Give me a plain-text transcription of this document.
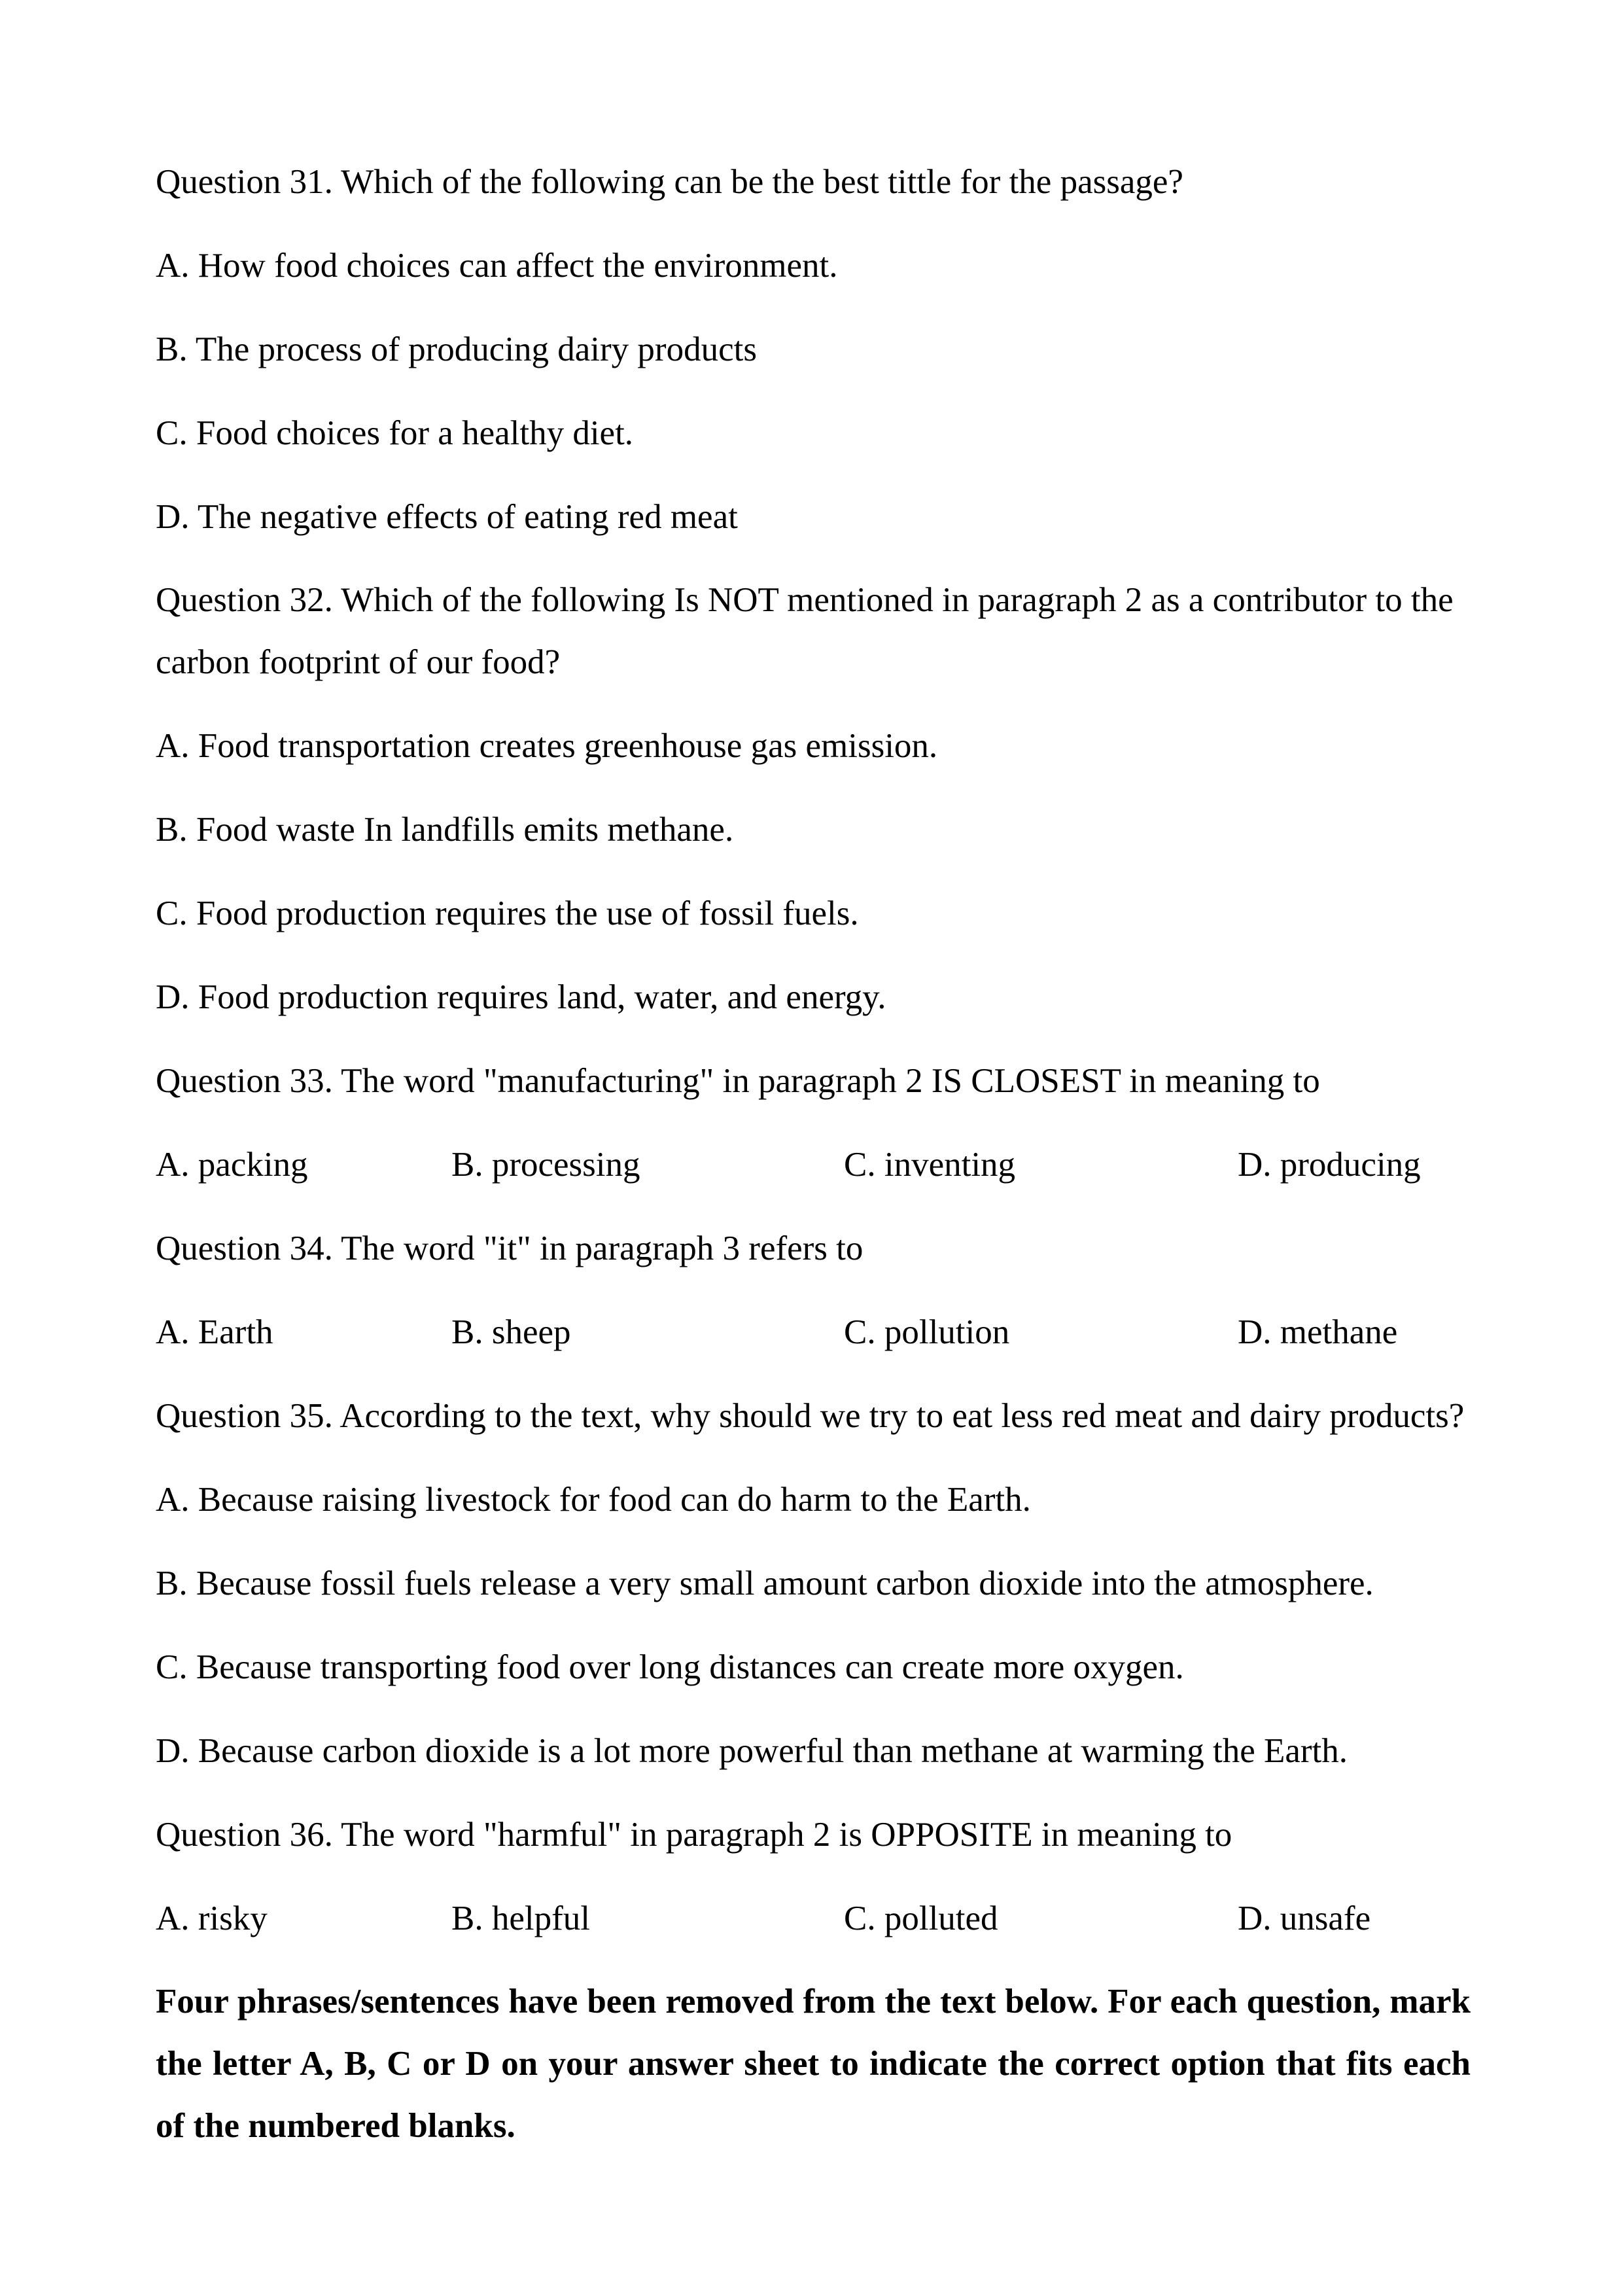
Question 31. Which of the following can be the best tittle for the passage?
A. How food choices can affect the environment.
B. The process of producing dairy products
C. Food choices for a healthy diet.
D. The negative effects of eating red meat
Question 32. Which of the following Is NOT mentioned in paragraph 2 as a contributor to the carbon footprint of our food?
A. Food transportation creates greenhouse gas emission.
B. Food waste In landfills emits methane.
C. Food production requires the use of fossil fuels.
D. Food production requires land, water, and energy.
Question 33. The word "manufacturing" in paragraph 2 IS CLOSEST in meaning to
A. packing	B. processing	C. inventing	D. producing
Question 34. The word "it" in paragraph 3 refers to
A. Earth	B. sheep	C. pollution	D. methane
Question 35. According to the text, why should we try to eat less red meat and dairy products?
A. Because raising livestock for food can do harm to the Earth.
B. Because fossil fuels release a very small amount carbon dioxide into the atmosphere.
C. Because transporting food over long distances can create more oxygen.
D. Because carbon dioxide is a lot more powerful than methane at warming the Earth.
Question 36. The word "harmful" in paragraph 2 is OPPOSITE in meaning to
A. risky	B. helpful	C. polluted	D. unsafe

Four phrases/sentences have been removed from the text below. For each question, mark the letter A, B, C or D on your answer sheet to indicate the correct option that fits each of the numbered blanks.
